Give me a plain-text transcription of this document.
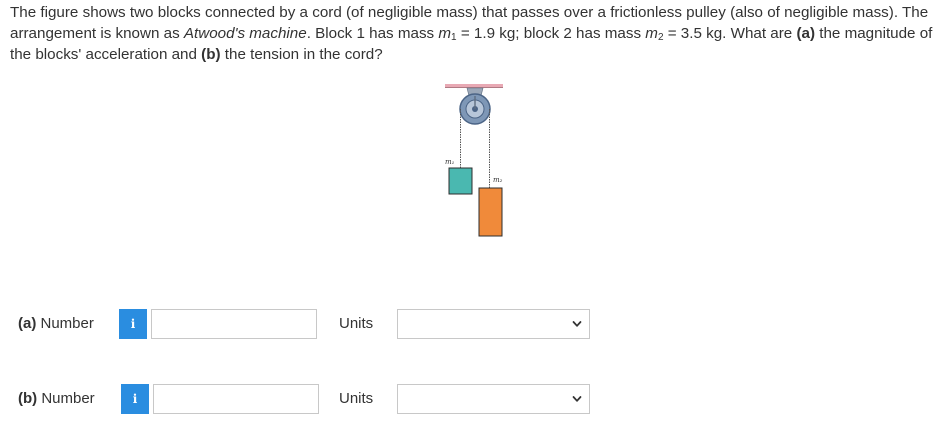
The figure shows two blocks connected by a cord (of negligible mass) that passes over a frictionless pulley (also of negligible mass). The arrangement is known as Atwood's machine. Block 1 has mass $m_1 = 1.9$ kg; block 2 has mass $m_2 = 3.5$ kg. What are (a) the magnitude of the blocks' acceleration and (b) the tension in the cord?
m₁
m₂
(a) Number	i	Units
(b) Number	i	Units
